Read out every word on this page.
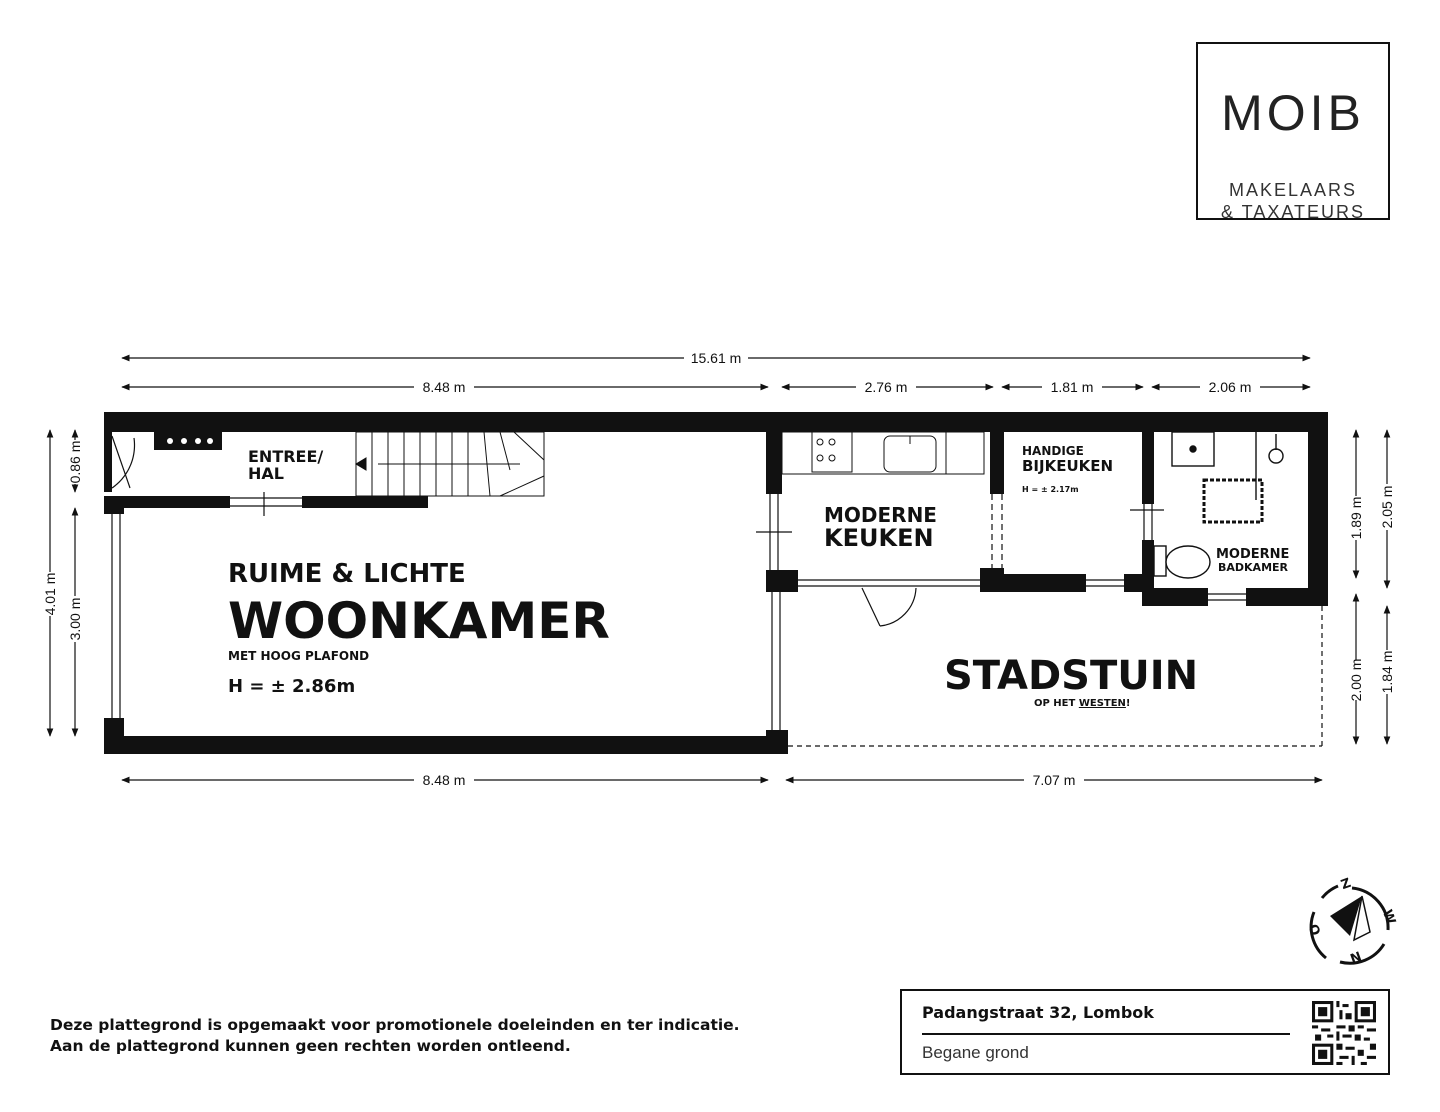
MOIB
MAKELAARS
& TAXATEURS
15.61 m
8.48 m	2.76 m	1.81 m	2.06 m
8.48 m	7.07 m
4.01 m
0.86 m
3.00 m
1.89 m 2.05 m
2.00 m 1.84 m
ENTREE/
HAL
RUIME & LICHTE
WOONKAMER
MET HOOG PLAFOND
H = ± 2.86m
MODERNE
KEUKEN
HANDIGE
BIJKEUKEN
H = ± 2.17m
MODERNE
BADKAMER
STADSTUIN
OP HET WESTEN!
Z
W
N
O
Deze plattegrond is opgemaakt voor promotionele doeleinden en ter indicatie.
Aan de plattegrond kunnen geen rechten worden ontleend.
Padangstraat 32, Lombok
Begane grond
